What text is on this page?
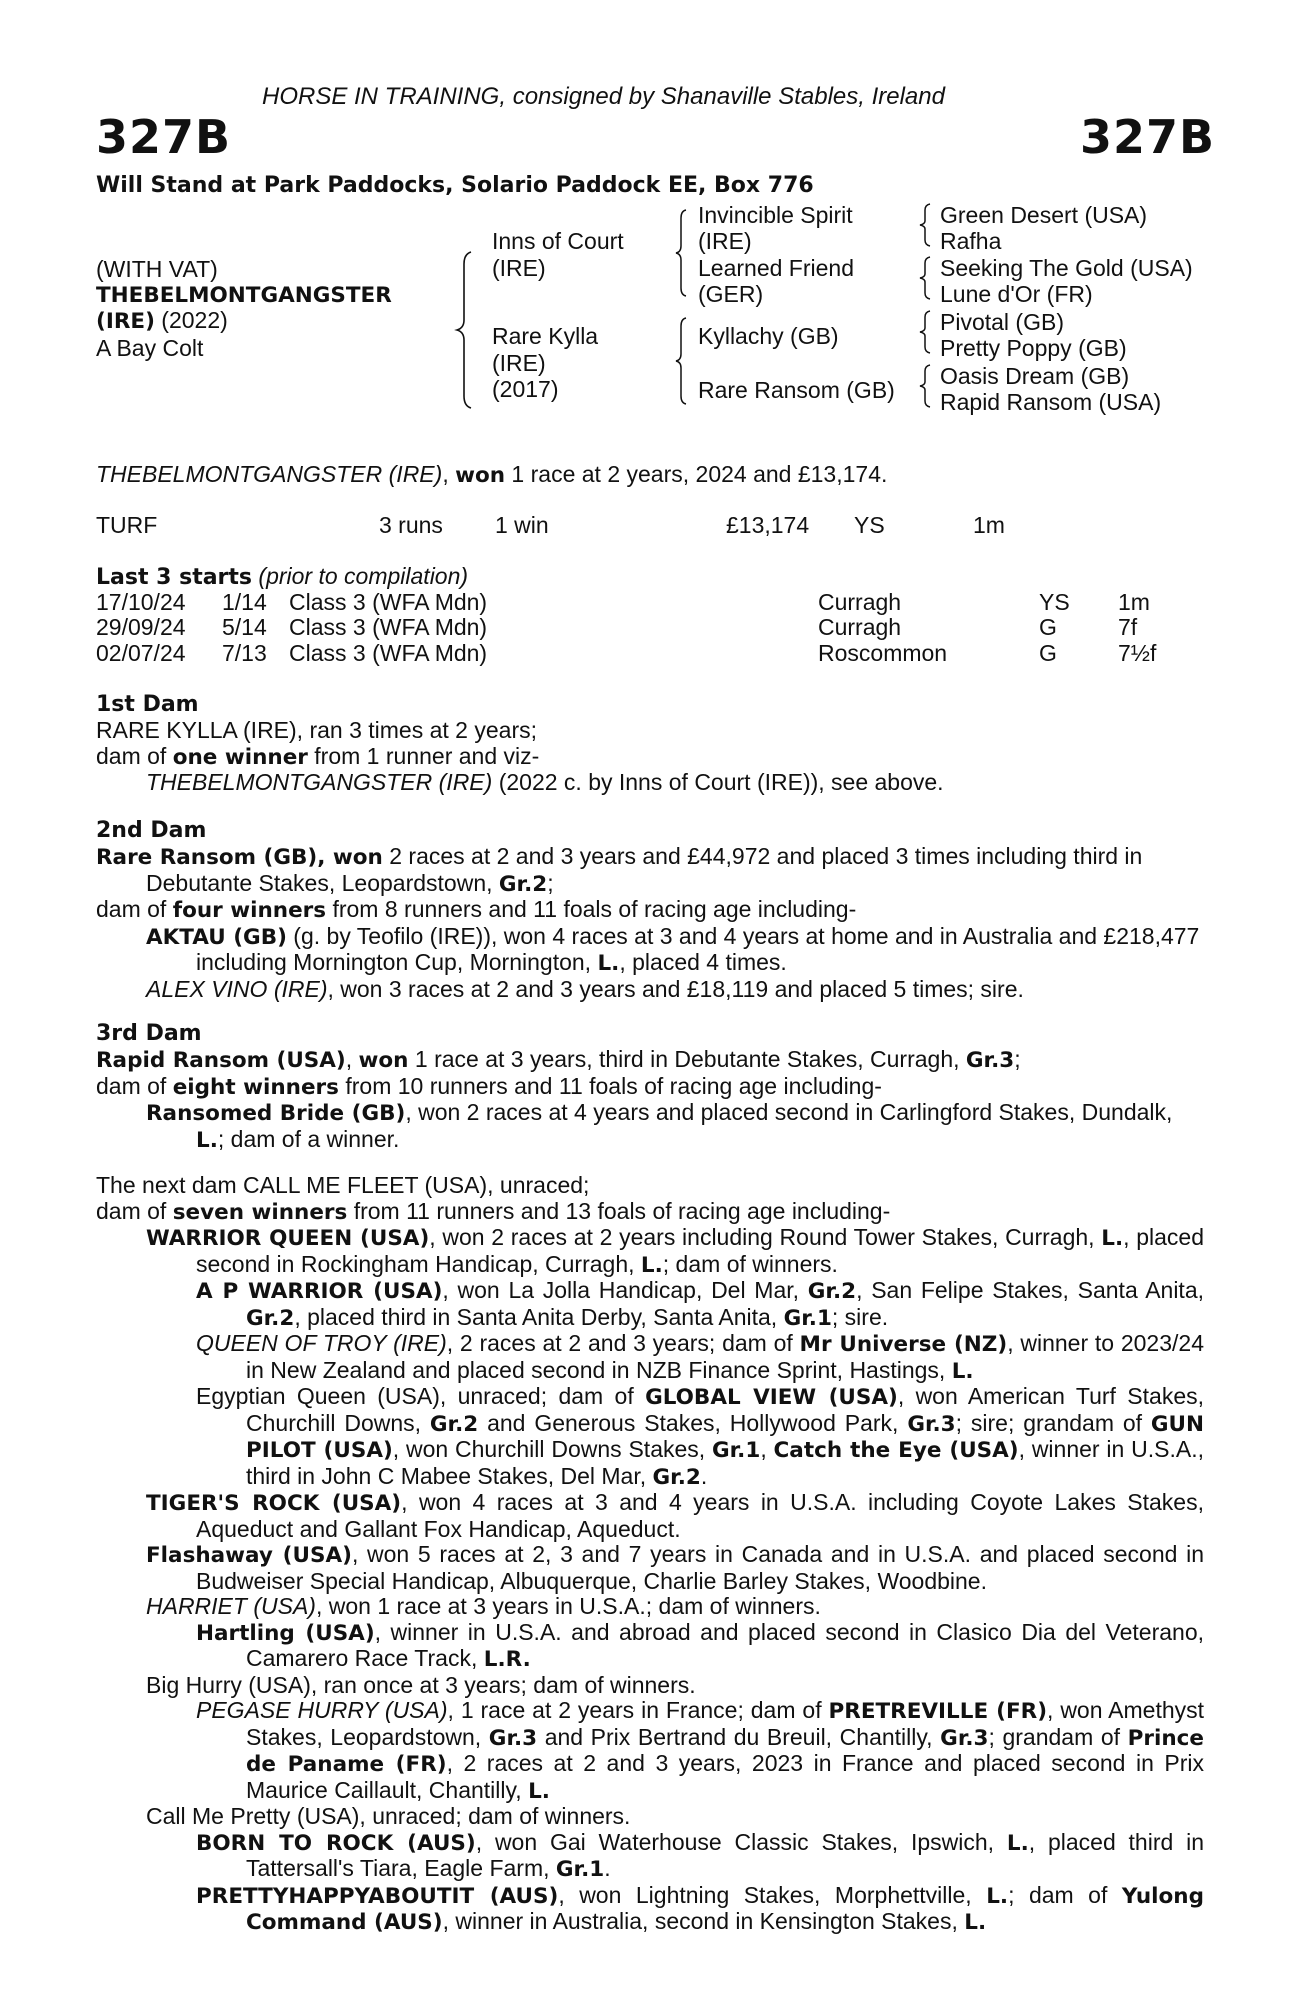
HORSE IN TRAINING, consigned by Shanaville Stables, Ireland
327B	327B
Will Stand at Park Paddocks, Solario Paddock EE, Box 776
(WITH VAT)
THEBELMONTGANGSTER
(IRE) (2022)
A Bay Colt
Inns of Court
(IRE)
Rare Kylla
(IRE)
(2017)
Invincible Spirit
(IRE)
Learned Friend
(GER)
Kyllachy (GB)
Rare Ransom (GB)
Green Desert (USA)
Rafha
Seeking The Gold (USA)
Lune d'Or (FR)
Pivotal (GB)
Pretty Poppy (GB)
Oasis Dream (GB)
Rapid Ransom (USA)
THEBELMONTGANGSTER (IRE), won 1 race at 2 years, 2024 and £13,174.
TURF	3 runs 1 win	£13,174 YS	1m
Last 3 starts (prior to compilation)
17/10/24 1/14 Class 3 (WFA Mdn)	Curragh	YS 1m
29/09/24 5/14 Class 3 (WFA Mdn)	Curragh	G	7f
02/07/24 7/13 Class 3 (WFA Mdn)	Roscommon	G	7½f

1st Dam

RARE KYLLA (IRE), ran 3 times at 2 years;

dam of one winner from 1 runner and viz-

THEBELMONTGANGSTER (IRE) (2022 c. by Inns of Court (IRE)), see above.

2nd Dam

Rare Ransom (GB), won 2 races at 2 and 3 years and £44,972 and placed 3 times including third in Debutante Stakes, Leopardstown, Gr.2;

dam of four winners from 8 runners and 11 foals of racing age including-

AKTAU (GB) (g. by Teofilo (IRE)), won 4 races at 3 and 4 years at home and in Australia and £218,477 including Mornington Cup, Mornington, L., placed 4 times.

ALEX VINO (IRE), won 3 races at 2 and 3 years and £18,119 and placed 5 times; sire.

3rd Dam

Rapid Ransom (USA), won 1 race at 3 years, third in Debutante Stakes, Curragh, Gr.3;

dam of eight winners from 10 runners and 11 foals of racing age including-

Ransomed Bride (GB), won 2 races at 4 years and placed second in Carlingford Stakes, Dundalk, L.; dam of a winner.

The next dam CALL ME FLEET (USA), unraced;

dam of seven winners from 11 runners and 13 foals of racing age including-

WARRIOR QUEEN (USA), won 2 races at 2 years including Round Tower Stakes, Curragh, L., placed second in Rockingham Handicap, Curragh, L.; dam of winners.

A P WARRIOR (USA), won La Jolla Handicap, Del Mar, Gr.2, San Felipe Stakes, Santa Anita, Gr.2, placed third in Santa Anita Derby, Santa Anita, Gr.1; sire.

QUEEN OF TROY (IRE), 2 races at 2 and 3 years; dam of Mr Universe (NZ), winner to 2023/24 in New Zealand and placed second in NZB Finance Sprint, Hastings, L.

Egyptian Queen (USA), unraced; dam of GLOBAL VIEW (USA), won American Turf Stakes, Churchill Downs, Gr.2 and Generous Stakes, Hollywood Park, Gr.3; sire; grandam of GUN PILOT (USA), won Churchill Downs Stakes, Gr.1, Catch the Eye (USA), winner in U.S.A., third in John C Mabee Stakes, Del Mar, Gr.2.

TIGER'S ROCK (USA), won 4 races at 3 and 4 years in U.S.A. including Coyote Lakes Stakes, Aqueduct and Gallant Fox Handicap, Aqueduct.

Flashaway (USA), won 5 races at 2, 3 and 7 years in Canada and in U.S.A. and placed second in Budweiser Special Handicap, Albuquerque, Charlie Barley Stakes, Woodbine.

HARRIET (USA), won 1 race at 3 years in U.S.A.; dam of winners.

Hartling (USA), winner in U.S.A. and abroad and placed second in Clasico Dia del Veterano, Camarero Race Track, L.R.

Big Hurry (USA), ran once at 3 years; dam of winners.

PEGASE HURRY (USA), 1 race at 2 years in France; dam of PRETREVILLE (FR), won Amethyst Stakes, Leopardstown, Gr.3 and Prix Bertrand du Breuil, Chantilly, Gr.3; grandam of Prince de Paname (FR), 2 races at 2 and 3 years, 2023 in France and placed second in Prix Maurice Caillault, Chantilly, L.

Call Me Pretty (USA), unraced; dam of winners.

BORN TO ROCK (AUS), won Gai Waterhouse Classic Stakes, Ipswich, L., placed third in Tattersall's Tiara, Eagle Farm, Gr.1.

PRETTYHAPPYABOUTIT (AUS), won Lightning Stakes, Morphettville, L.; dam of Yulong Command (AUS), winner in Australia, second in Kensington Stakes, L.
